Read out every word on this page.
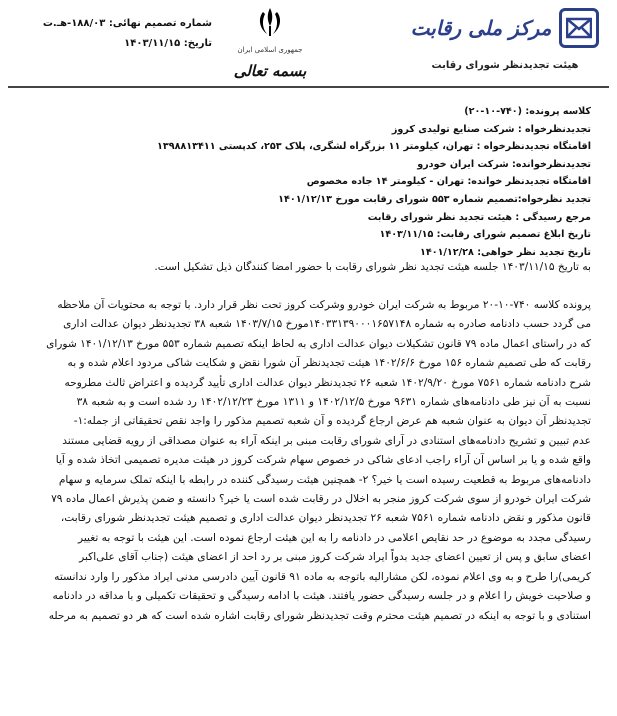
مرکز ملی رقابت
هیئت تجدیدنظر شورای رقابت
جمهوری اسلامی ایران
بسمه تعالی
شماره تصمیم نهائی: ۱۸۸/۰۳-هـ.ت
تاریخ: ۱۴۰۳/۱۱/۱۵
کلاسه پرونده: (۷۴۰-۱۰-۲۰)
تجدیدنظرخواه : شرکت صنایع تولیدی کروز
اقامتگاه تجدیدنظرخواه : تهران، کیلومتر ۱۱ بزرگراه لشگری، پلاک ۲۵۳، کدپستی ۱۳۹۸۸۱۳۴۱۱
تجدیدنظرخوانده: شرکت ایران خودرو
اقامتگاه تجدیدنظر خوانده: تهران - کیلومتر ۱۴ جاده مخصوص
تجدید نظرخواه:تصمیم شماره ۵۵۳ شورای رقابت مورخ ۱۴۰۱/۱۲/۱۳
مرجع رسیدگی : هیئت تجدید نظر شورای رقابت
تاریخ ابلاغ تصمیم شورای رقابت: ۱۴۰۳/۱۱/۱۵
تاریخ تجدید نظر خواهی: ۱۴۰۱/۱۲/۲۸
به تاریخ ۱۴۰۳/۱۱/۱۵ جلسه هیئت تجدید نظر شورای رقابت با حضور امضا کنندگان ذیل تشکیل است.

پرونده کلاسه ۷۴۰-۱۰-۲۰ مربوط به شرکت ایران خودرو وشرکت کروز تحت نظر قرار دارد. با توجه به محتویات آن ملاحظه

می گردد حسب دادنامه صادره به شماره ۱۴۰۳۳۱۳۹۰۰۰۱۶۵۷۱۴۸مورخ ۱۴۰۳/۷/۱۵ شعبه ۳۸ تجدیدنظر دیوان عدالت اداری

که در راستای اعمال ماده ۷۹ قانون تشکیلات دیوان عدالت اداری به لحاظ اینکه تصمیم شماره ۵۵۳ مورخ ۱۴۰۱/۱۲/۱۳ شورای

رقابت که طی تصمیم شماره ۱۵۶ مورخ ۱۴۰۲/۶/۶ هیئت تجدیدنظر آن شورا نقض و شکایت شاکی مردود اعلام شده و به

شرح دادنامه شماره ۷۵۶۱ مورخ ۱۴۰۲/۹/۲۰ شعبه ۲۶ تجدیدنظر دیوان عدالت اداری تأیید گردیده و اعتراض ثالث مطروحه

نسبت به آن نیز طی دادنامه‌های شماره ۹۶۳۱ مورخ ۱۴۰۲/۱۲/۵ و ۱۳۱۱ مورخ ۱۴۰۲/۱۲/۲۳ رد شده است و به شعبه ۳۸

تجدیدنظر آن دیوان به عنوان شعبه هم عرض ارجاع گردیده و آن شعبه تصمیم مذکور را واجد نقص تحقیقاتی از جمله:۱-

عدم تبیین و تشریح دادنامه‌های استنادی در آرای شورای رقابت مبنی بر اینکه آراء به عنوان مصداقی از رویه قضایی مستند

واقع شده و یا بر اساس آن آراء راجب ادعای شاکی در خصوص سهام شرکت کروز در هیئت مدیره تصمیمی اتخاذ شده و آیا

دادنامه‌های مربوط به قطعیت رسیده است یا خیر؟ ۲- همچنین هیئت رسیدگی کننده در رابطه با اینکه تملک سرمایه و سهام

شرکت ایران خودرو از سوی شرکت کروز منجر به اخلال در رقابت شده است یا خیر؟ دانسته و ضمن پذیرش اعمال ماده ۷۹

قانون مذکور و نقض دادنامه شماره ۷۵۶۱ شعبه ۲۶ تجدیدنظر دیوان عدالت اداری و تصمیم هیئت تجدیدنظر شورای رقابت،

رسیدگی مجدد به موضوع در حد نقایص اعلامی در دادنامه را به این هیئت ارجاع نموده است. این هیئت با توجه به تغییر

اعضای سابق و پس از تعیین اعضای جدید بدواً ایراد شرکت کروز مبنی بر رد احد از اعضای هیئت (جناب آقای علی‌اکبر

کریمی)را طرح و به وی اعلام نموده، لکن مشارالیه باتوجه به ماده ۹۱ قانون آیین دادرسی مدنی ایراد مذکور را وارد ندانسته

و صلاحیت خویش را اعلام و در جلسه رسیدگی حضور یافتند. هیئت با ادامه رسیدگی و تحقیقات تکمیلی و با مداقه در دادنامه

استنادی و با توجه به اینکه در تصمیم هیئت محترم وقت تجدیدنظر شورای رقابت اشاره شده است که هر دو تصمیم به مرحله
